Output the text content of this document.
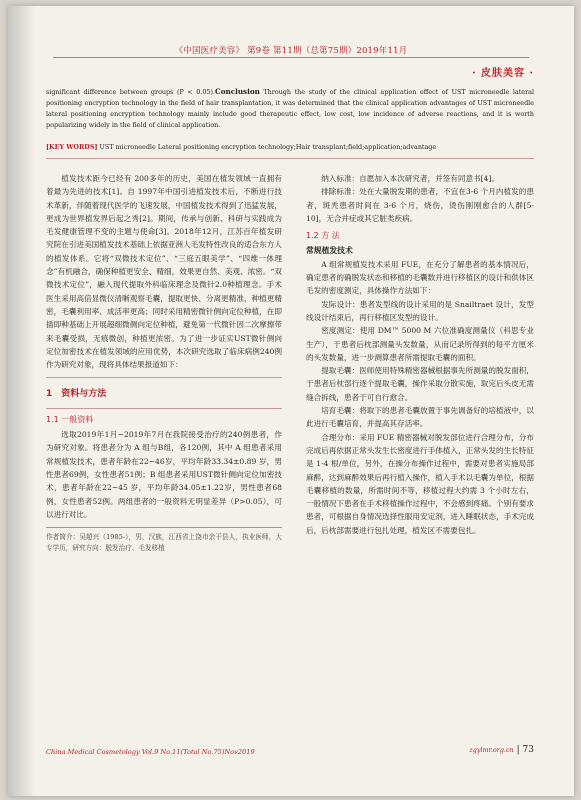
《中国医疗美容》 第9卷 第11期（总第75期）2019年11月
· 皮肤美容 ·
significant difference between groups (P < 0.05).Conclusion Through the study of the clinical application effect of UST microneedle lateral positioning encryption technology in the field of hair transplantation, it was determined that the clinical application advantages of UST microneedle lateral positioning encryption technology mainly include good therapeutic effect, low cost, low incidence of adverse reactions, and it is worth popularizing widely in the field of clinical application.
[KEY WORDS] UST microneedle Lateral positioning encryption technology;Hair transplant;field;application;advantage

植发技术距今已经有 200多年的历史，美国在植发领域一直拥有着最为先进的技术[1]。自 1997年中国引进植发技术后，不断进行技术革新，伴随着现代医学的飞速发展，中国植发技术得到了迅猛发展，更成为世界植发界后起之秀[2]。期间，传承与创新、科研与实践成为毛发健康管理不变的主题与使命[3]。2018年12月，江苏百年植发研究院在引进美国植发技术基础上依据亚洲人毛发特性改良的适合东方人的植发体系。它将“双微技术定位”、“三庭五眼美学”、“四维一体理念”有机融合，确保种植更安全、精细，效果更自然、美观、浓密。“双微技术定位”，融入现代提取外科临床理念及微针2.0种植理念。手术医生采用高倍显微仪清晰观察毛囊，提取更快、分离更精准，种植更精密，毛囊利用率、成活率更高；同时采用精密微针侧向定位种植，在即插即种基础上开展超细微侧向定位种植，避免第一代微针因二次摩擦带来毛囊受损，无痕微创，种植更浓密。为了进一步证实UST微针侧向定位加密技术在植发领域的应用优势，本次研究选取了临床病例240例作为研究对象，现将具体结果报道如下：

1　资料与方法
1.1 一般资料

选取2019年1月~2019年7月在我院接受治疗的240例患者，作为研究对象。将患者分为 A 组与B组，各120例，其中 A 组患者采用常规植发技术，患者年龄在22~46岁，平均年龄33.34±0.89 岁，男性患者69例，女性患者51例；B 组患者采用UST微针侧向定位加密技术，患者年龄在22~45 岁，平均年龄34.05±1.22岁，男性患者68例，女性患者52例。两组患者的一般资料无明显差异（P>0.05），可以进行对比。

作者简介：吴超兴（1985-），男，汉族，江西省上饶市余干县人，执业医师，大专学历，研究方向：脱发治疗、毛发移植

纳入标准：自愿加入本次研究者，并签有同意书[4]。

排除标准：处在大量脱发期的患者，不宜在3-6 个月内植发的患者，斑秃患者时间在 3-6 个月，烧伤，烫伤刚刚愈合的人群[5-10]，无合并症或其它脏类疾病。

1.2 方 法
常规植发技术

A 组常规植发技术采用 FUE，在充分了解患者的基本情况后，确定患者的确脱发状态和移植的毛囊数并进行移植区的设计和供体区毛发的密度测定，具体操作方法如下：

发际设计：患者发型线的设计采用的是 Snailtraet 设计，发型线设计结束后，再行移植区发型的设计。

密度测定：使用 DM™ 5000 M 六位准确度测量仪（科思专业生产），于患者后枕部测量头发数量，从而记录所得到的每平方厘米的头发数量，进一步测算患者所需提取毛囊的面积。

提取毛囊：医师使用特殊精密器械根据事先所测量的脱发面积，于患者后枕部行逐个提取毛囊，操作采取分散实施，取完后头皮无需缝合拆线，患者于可自行愈合。

培育毛囊：将取下的患者毛囊放置于事先调备好的培植液中，以此进行毛囊培育，并提高其存活率。

合理分布：采用 FUE 精密器械对脱发部位进行合理分布，分布完成后再依据正常头发生长密度进行手体植入，正常头发的生长特征是 1-4 根/单位，另外，在操分布操作过程中，需要对患者实施局部麻醉，达到麻醉效果后再行植入操作，植入手术以毛囊为单位，根据毛囊移植的数量，所需时间不等，移植过程大约需 3 个小时左右，一般情况下患者在手术移植操作过程中，不会感到疼痛。个别有要求患者，可根据自身情况选择性服用安定剂，进入睡眠状态，手术完成后，后枕部需要进行包扎处理，植发区不需要包扎。

China Medical Cosmetology Vol.9 No.11(Total No.75)Nov2019	zgylmr.org.cn | 73
